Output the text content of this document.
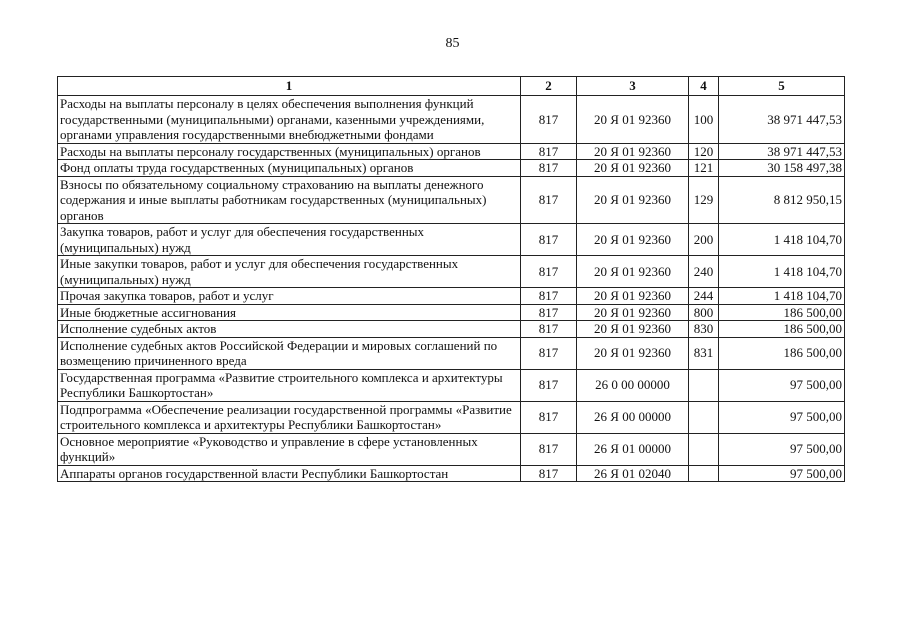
85
1	2	3	4	5
Расходы на выплаты персоналу в целях обеспечения выполнения функций государственными (муниципальными) органами, казенными учреждениями, органами управления государственными внебюджетными фондами	817	20 Я 01 92360	100	38 971 447,53
Расходы на выплаты персоналу государственных (муниципальных) органов	817	20 Я 01 92360	120	38 971 447,53
Фонд оплаты труда государственных (муниципальных) органов	817	20 Я 01 92360	121	30 158 497,38
Взносы по обязательному социальному страхованию на выплаты денежного содержания и иные выплаты работникам государственных (муниципальных) органов	817	20 Я 01 92360	129	8 812 950,15
Закупка товаров, работ и услуг для обеспечения государственных (муниципальных) нужд	817	20 Я 01 92360	200	1 418 104,70
Иные закупки товаров, работ и услуг для обеспечения государственных (муниципальных) нужд	817	20 Я 01 92360	240	1 418 104,70
Прочая закупка товаров, работ и услуг	817	20 Я 01 92360	244	1 418 104,70
Иные бюджетные ассигнования	817	20 Я 01 92360	800	186 500,00
Исполнение судебных актов	817	20 Я 01 92360	830	186 500,00
Исполнение судебных актов Российской Федерации и мировых соглашений по возмещению причиненного вреда	817	20 Я 01 92360	831	186 500,00
Государственная программа «Развитие строительного комплекса и архитектуры Республики Башкортостан»	817	26 0 00 00000		97 500,00
Подпрограмма «Обеспечение реализации государственной программы «Развитие строительного комплекса и архитектуры Республики Башкортостан»	817	26 Я 00 00000		97 500,00
Основное мероприятие «Руководство и управление в сфере установленных функций»	817	26 Я 01 00000		97 500,00
Аппараты органов государственной власти Республики Башкортостан	817	26 Я 01 02040		97 500,00
